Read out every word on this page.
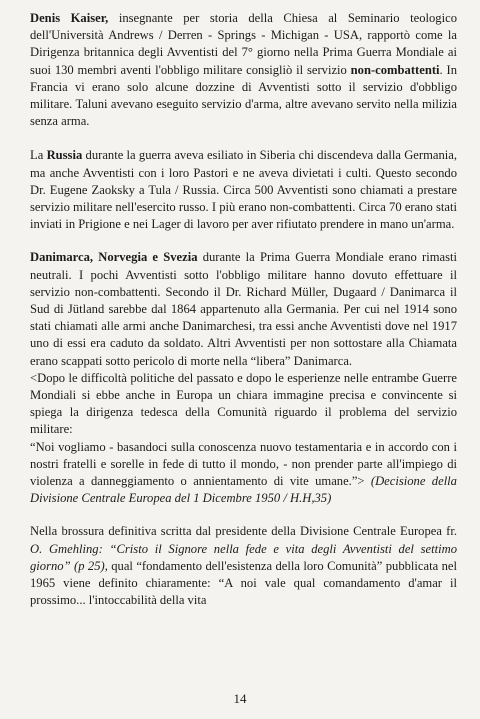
Denis Kaiser, insegnante per storia della Chiesa al Seminario teologico dell'Università Andrews / Derren - Springs - Michigan - USA, rapportò come la Dirigenza britannica degli Avventisti del 7° giorno nella Prima Guerra Mondiale ai suoi 130 membri aventi l'obbligo militare consigliò il servizio non-combattenti. In Francia vi erano solo alcune dozzine di Avventisti sotto il servizio d'obbligo militare. Taluni avevano eseguito servizio d'arma, altre avevano servito nella milizia senza arma.

La Russia durante la guerra aveva esiliato in Siberia chi discendeva dalla Germania, ma anche Avventisti con i loro Pastori e ne aveva divietati i culti. Questo secondo Dr. Eugene Zaoksky a Tula / Russia. Circa 500 Avventisti sono chiamati a prestare servizio militare nell'esercito russo. I più erano non-combattenti. Circa 70 erano stati inviati in Prigione e nei Lager di lavoro per aver rifiutato prendere in mano un'arma.

Danimarca, Norvegia e Svezia durante la Prima Guerra Mondiale erano rimasti neutrali. I pochi Avventisti sotto l'obbligo militare hanno dovuto effettuare il servizio non-combattenti. Secondo il Dr. Richard Müller, Dugaard / Danimarca il Sud di Jütland sarebbe dal 1864 appartenuto alla Germania. Per cui nel 1914 sono stati chiamati alle armi anche Danimarchesi, tra essi anche Avventisti dove nel 1917 uno di essi era caduto da soldato. Altri Avventisti per non sottostare alla Chiamata erano scappati sotto pericolo di morte nella “libera” Danimarca.

<Dopo le difficoltà politiche del passato e dopo le esperienze nelle entrambe Guerre Mondiali si ebbe anche in Europa un chiara immagine precisa e convincente si spiega la dirigenza tedesca della Comunità riguardo il problema del servizio militare:

“Noi vogliamo - basandoci sulla conoscenza nuovo testamentaria e in accordo con i nostri fratelli e sorelle in fede di tutto il mondo, - non prender parte all'impiego di violenza a danneggiamento o annientamento di vite umane.”> (Decisione della Divisione Centrale Europea del 1 Dicembre 1950 / H.H,35)

Nella brossura definitiva scritta dal presidente della Divisione Centrale Europea fr. O. Gmehling: “Cristo il Signore nella fede e vita degli Avventisti del settimo giorno” (p 25), qual “fondamento dell'esistenza della loro Comunità” pubblicata nel 1965 viene definito chiaramente: “A noi vale qual comandamento d'amar il prossimo... l'intoccabilità della vita

14
